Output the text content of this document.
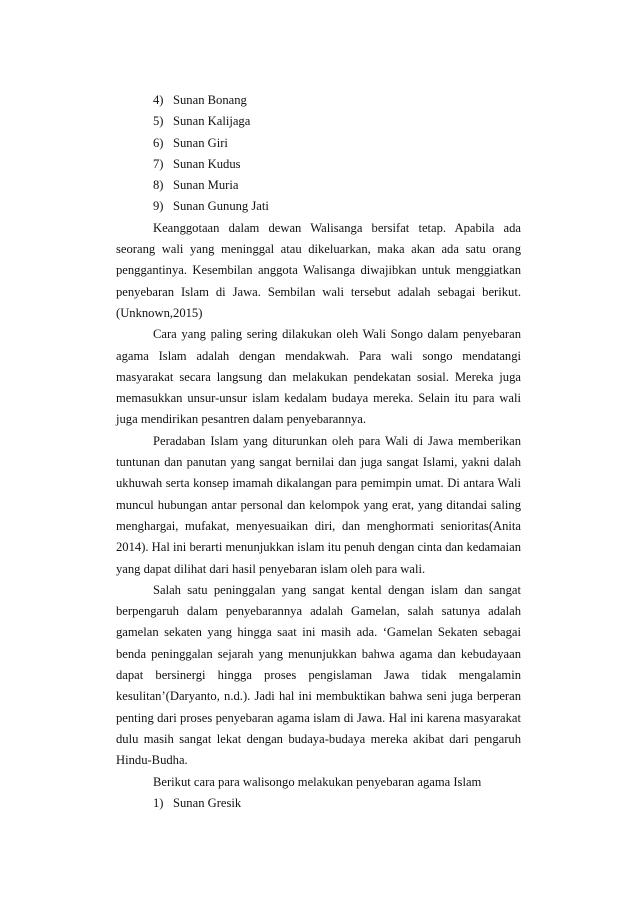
4) Sunan Bonang
5) Sunan Kalijaga
6) Sunan Giri
7) Sunan Kudus
8) Sunan Muria
9) Sunan Gunung Jati

Keanggotaan dalam dewan Walisanga bersifat tetap. Apabila ada seorang wali yang meninggal atau dikeluarkan, maka akan ada satu orang penggantinya. Kesembilan anggota Walisanga diwajibkan untuk menggiatkan penyebaran Islam di Jawa. Sembilan wali tersebut adalah sebagai berikut.(Unknown,2015)

Cara yang paling sering dilakukan oleh Wali Songo dalam penyebaran agama Islam adalah dengan mendakwah. Para wali songo mendatangi masyarakat secara langsung dan melakukan pendekatan sosial. Mereka juga memasukkan unsur-unsur islam kedalam budaya mereka. Selain itu para wali juga mendirikan pesantren dalam penyebarannya.

Peradaban Islam yang diturunkan oleh para Wali di Jawa memberikan tuntunan dan panutan yang sangat bernilai dan juga sangat Islami, yakni dalah ukhuwah serta konsep imamah dikalangan para pemimpin umat. Di antara Wali muncul hubungan antar personal dan kelompok yang erat, yang ditandai saling menghargai, mufakat, menyesuaikan diri, dan menghormati senioritas(Anita 2014). Hal ini berarti menunjukkan islam itu penuh dengan cinta dan kedamaian yang dapat dilihat dari hasil penyebaran islam oleh para wali.

Salah satu peninggalan yang sangat kental dengan islam dan sangat berpengaruh dalam penyebarannya adalah Gamelan, salah satunya adalah gamelan sekaten yang hingga saat ini masih ada. ‘Gamelan Sekaten sebagai benda peninggalan sejarah yang menunjukkan bahwa agama dan kebudayaan dapat bersinergi hingga proses pengislaman Jawa tidak mengalamin kesulitan’(Daryanto, n.d.). Jadi hal ini membuktikan bahwa seni juga berperan penting dari proses penyebaran agama islam di Jawa. Hal ini karena masyarakat dulu masih sangat lekat dengan budaya-budaya mereka akibat dari pengaruh Hindu-Budha.

Berikut cara para walisongo melakukan penyebaran agama Islam

1) Sunan Gresik
